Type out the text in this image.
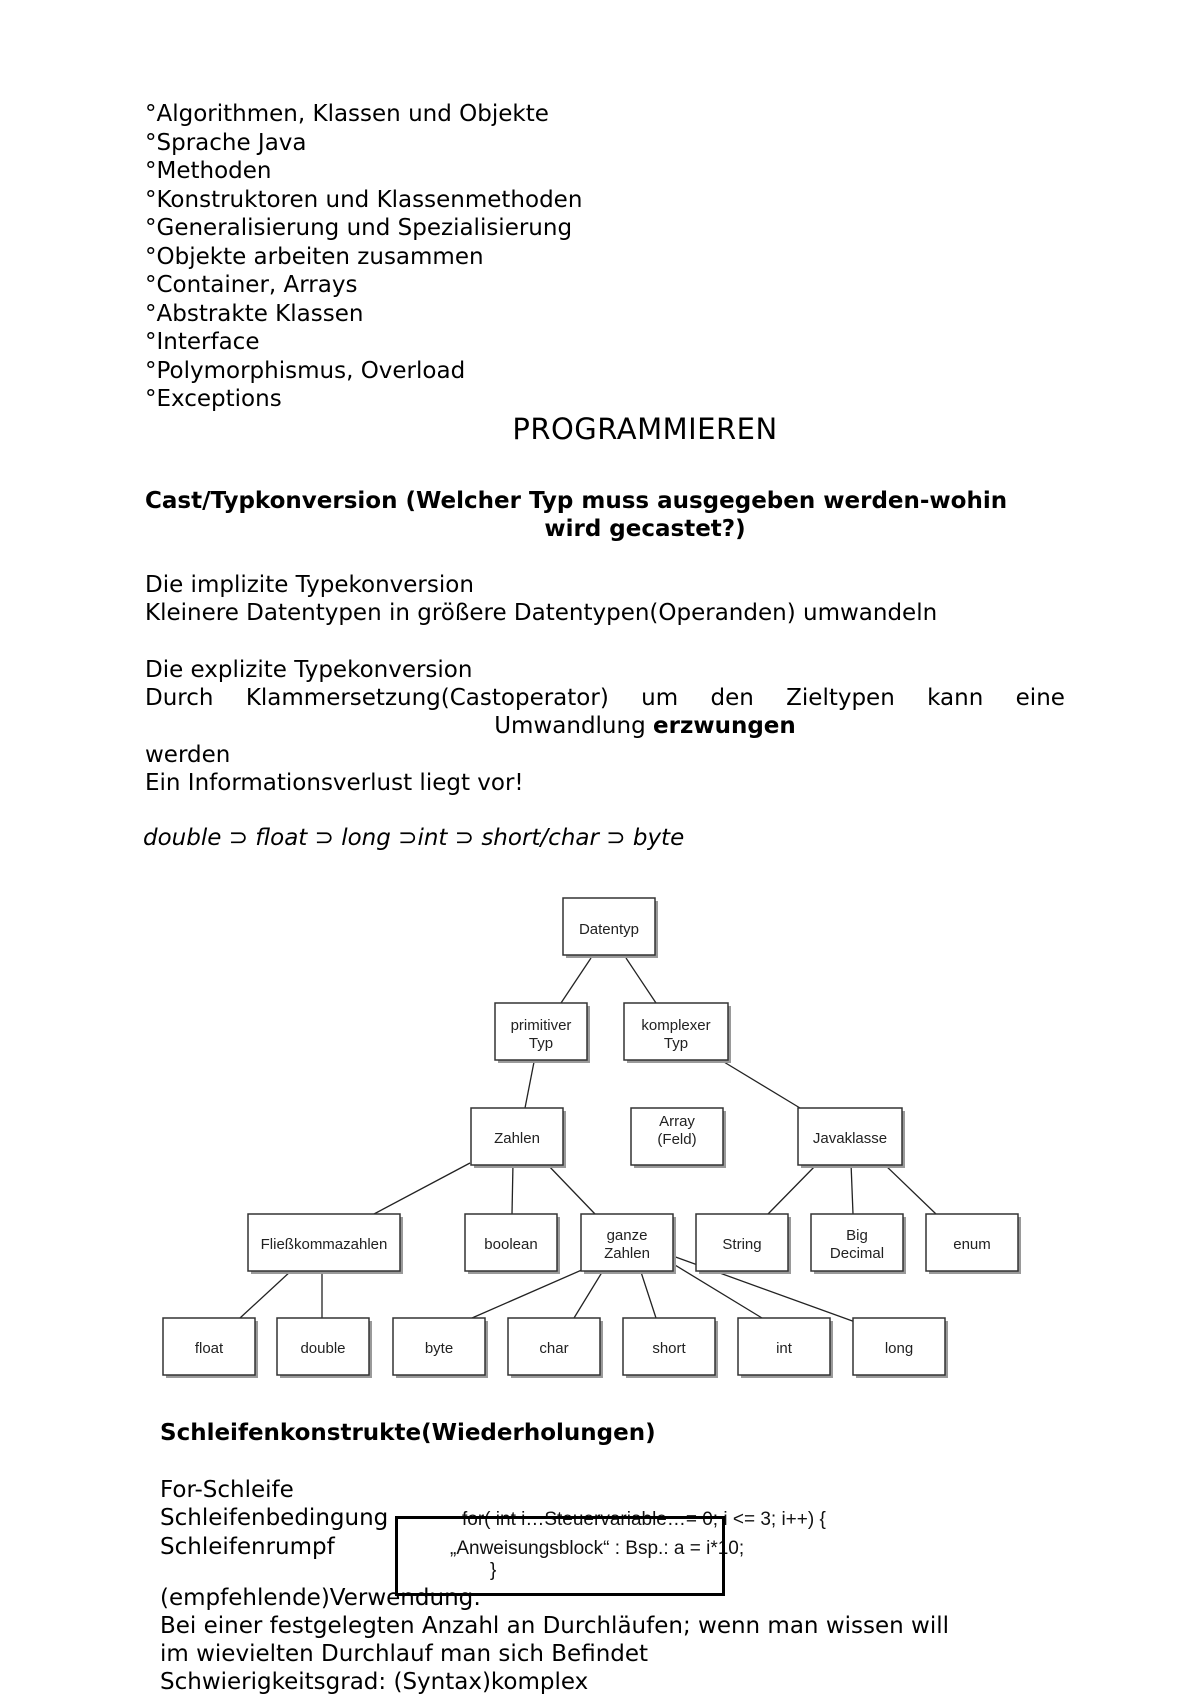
°Algorithmen, Klassen und Objekte
°Sprache Java
°Methoden
°Konstruktoren und Klassenmethoden
°Generalisierung und Spezialisierung
°Objekte arbeiten zusammen
°Container, Arrays
°Abstrakte Klassen
°Interface
°Polymorphismus, Overload
°Exceptions
PROGRAMMIEREN
Cast/Typkonversion (Welcher Typ muss ausgegeben werden-wohin
wird gecastet?)
Die implizite Typekonversion
Kleinere Datentypen in größere Datentypen(Operanden) umwandeln
Die explizite Typekonversion
Durch Klammersetzung(Castoperator) um den Zieltypen kann eine
Umwandlung erzwungen
werden
Ein Informationsverlust liegt vor!
double ⊃ float ⊃ long ⊃int ⊃ short/char ⊃ byte
Datentyp
primitiver
Typ
komplexer
Typ
Zahlen
Array
(Feld)	Javaklasse
Fließkommazahlen	boolean
ganze
Zahlen
String
Big
Decimal
enum
float	double	byte	char	short	int	long
Schleifenkonstrukte(Wiederholungen)
For-Schleife
Schleifenbedingung
Schleifenrumpf
for( int i…Steuervariable…= 0; i <= 3; i++) {
„Anweisungsblock“ : Bsp.: a = i*10;
}
(empfehlende)Verwendung:
Bei einer festgelegten Anzahl an Durchläufen; wenn man wissen will
im wievielten Durchlauf man sich Befindet
Schwierigkeitsgrad: (Syntax)komplex
